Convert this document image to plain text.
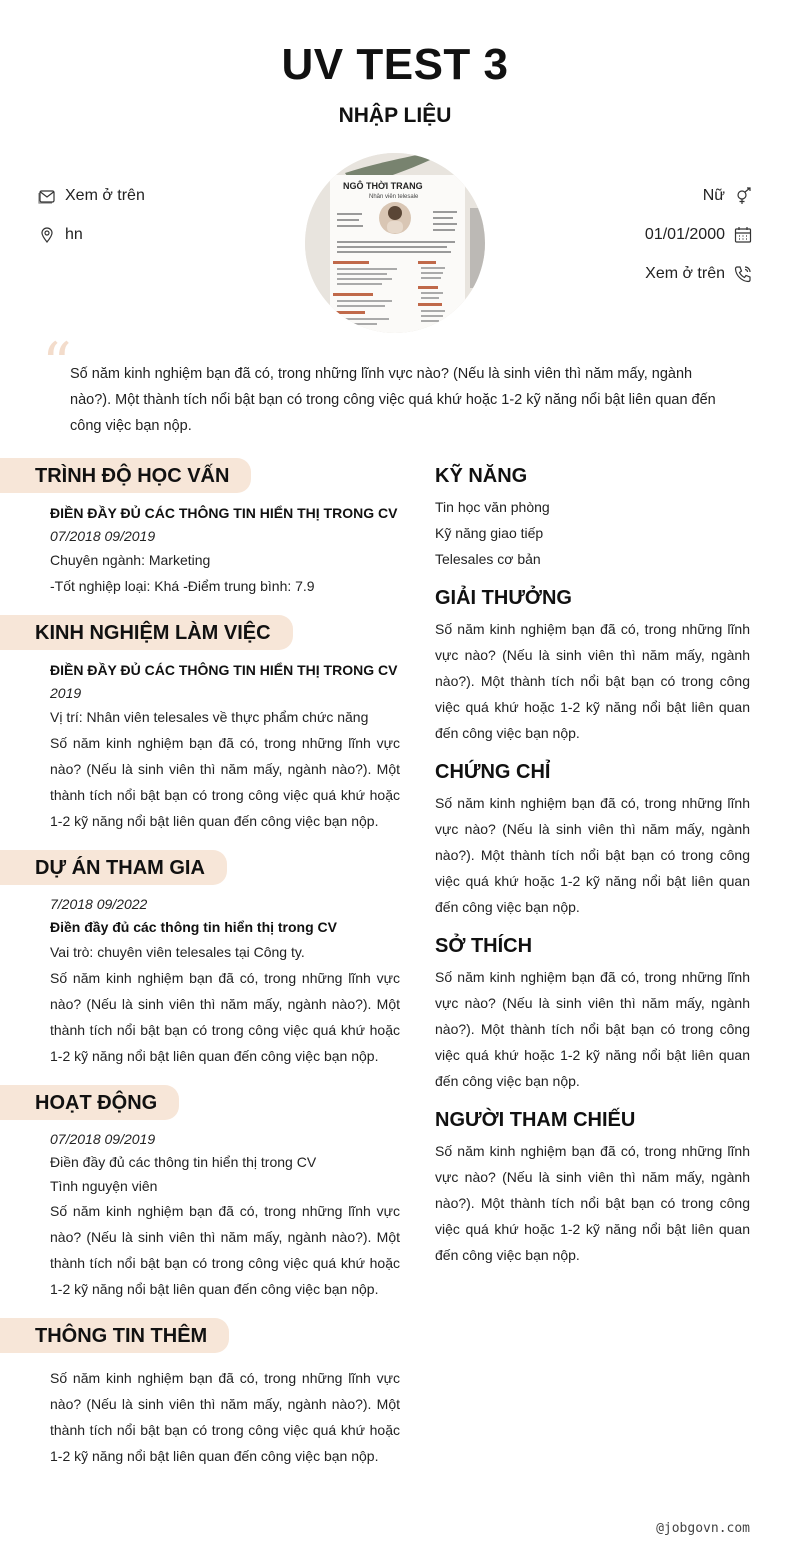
UV TEST 3
NHẬP LIỆU
Xem ở trên
hn
Nữ
01/01/2000
Xem ở trên
NGÔ THỜI TRANG
Nhân viên telesale
“
Số năm kinh nghiệm bạn đã có, trong những lĩnh vực nào? (Nếu là sinh viên thì năm mấy, ngành nào?). Một thành tích nổi bật bạn có trong công việc quá khứ hoặc 1-2 kỹ năng nổi bật liên quan đến công việc bạn nộp.
TRÌNH ĐỘ HỌC VẤN
ĐIỀN ĐẦY ĐỦ CÁC THÔNG TIN HIỂN THỊ TRONG CV
07/2018 09/2019
Chuyên ngành: Marketing
-Tốt nghiệp loại: Khá -Điểm trung bình: 7.9
KINH NGHIỆM LÀM VIỆC
ĐIỀN ĐẦY ĐỦ CÁC THÔNG TIN HIỂN THỊ TRONG CV
2019
Vị trí: Nhân viên telesales về thực phẩm chức năng
Số năm kinh nghiệm bạn đã có, trong những lĩnh vực nào? (Nếu là sinh viên thì năm mấy, ngành nào?). Một thành tích nổi bật bạn có trong công việc quá khứ hoặc 1-2 kỹ năng nổi bật liên quan đến công việc bạn nộp.
DỰ ÁN THAM GIA
7/2018 09/2022
Điền đầy đủ các thông tin hiển thị trong CV
Vai trò: chuyên viên telesales tại Công ty.
Số năm kinh nghiệm bạn đã có, trong những lĩnh vực nào? (Nếu là sinh viên thì năm mấy, ngành nào?). Một thành tích nổi bật bạn có trong công việc quá khứ hoặc 1-2 kỹ năng nổi bật liên quan đến công việc bạn nộp.
HOẠT ĐỘNG
07/2018 09/2019
Điền đầy đủ các thông tin hiển thị trong CV
Tình nguyện viên
Số năm kinh nghiệm bạn đã có, trong những lĩnh vực nào? (Nếu là sinh viên thì năm mấy, ngành nào?). Một thành tích nổi bật bạn có trong công việc quá khứ hoặc 1-2 kỹ năng nổi bật liên quan đến công việc bạn nộp.
THÔNG TIN THÊM
Số năm kinh nghiệm bạn đã có, trong những lĩnh vực nào? (Nếu là sinh viên thì năm mấy, ngành nào?). Một thành tích nổi bật bạn có trong công việc quá khứ hoặc 1-2 kỹ năng nổi bật liên quan đến công việc bạn nộp.
KỸ NĂNG
Tin học văn phòng
Kỹ năng giao tiếp
Telesales cơ bản
GIẢI THƯỞNG
Số năm kinh nghiệm bạn đã có, trong những lĩnh vực nào? (Nếu là sinh viên thì năm mấy, ngành nào?). Một thành tích nổi bật bạn có trong công việc quá khứ hoặc 1-2 kỹ năng nổi bật liên quan đến công việc bạn nộp.
CHỨNG CHỈ
Số năm kinh nghiệm bạn đã có, trong những lĩnh vực nào? (Nếu là sinh viên thì năm mấy, ngành nào?). Một thành tích nổi bật bạn có trong công việc quá khứ hoặc 1-2 kỹ năng nổi bật liên quan đến công việc bạn nộp.
SỞ THÍCH
Số năm kinh nghiệm bạn đã có, trong những lĩnh vực nào? (Nếu là sinh viên thì năm mấy, ngành nào?). Một thành tích nổi bật bạn có trong công việc quá khứ hoặc 1-2 kỹ năng nổi bật liên quan đến công việc bạn nộp.
NGƯỜI THAM CHIẾU
Số năm kinh nghiệm bạn đã có, trong những lĩnh vực nào? (Nếu là sinh viên thì năm mấy, ngành nào?). Một thành tích nổi bật bạn có trong công việc quá khứ hoặc 1-2 kỹ năng nổi bật liên quan đến công việc bạn nộp.
@jobgovn.com
